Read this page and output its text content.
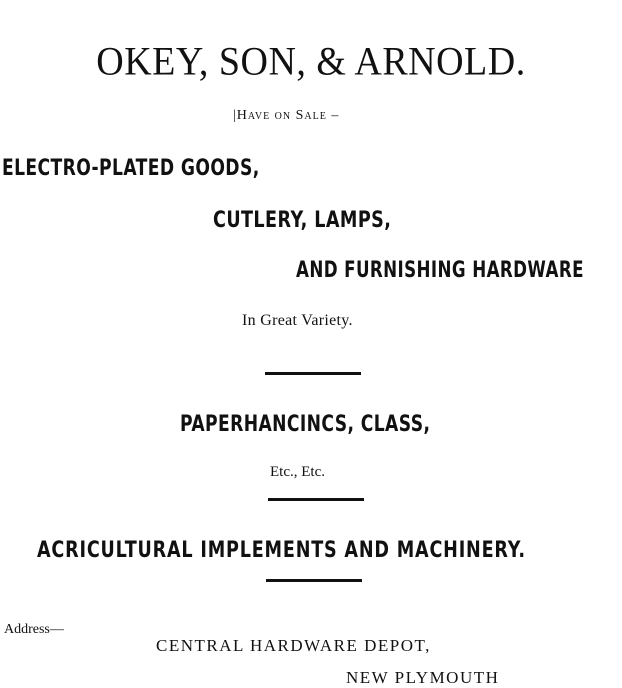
OKEY, SON, & ARNOLD.
|Have on Sale –
ELECTRO-PLATED GOODS,
CUTLERY, LAMPS,
AND FURNISHING HARDWARE
In Great Variety.
PAPERHANCINCS, CLASS,
Etc., Etc.
ACRICULTURAL IMPLEMENTS AND MACHINERY.
Address—
CENTRAL HARDWARE DEPOT,
NEW PLYMOUTH
